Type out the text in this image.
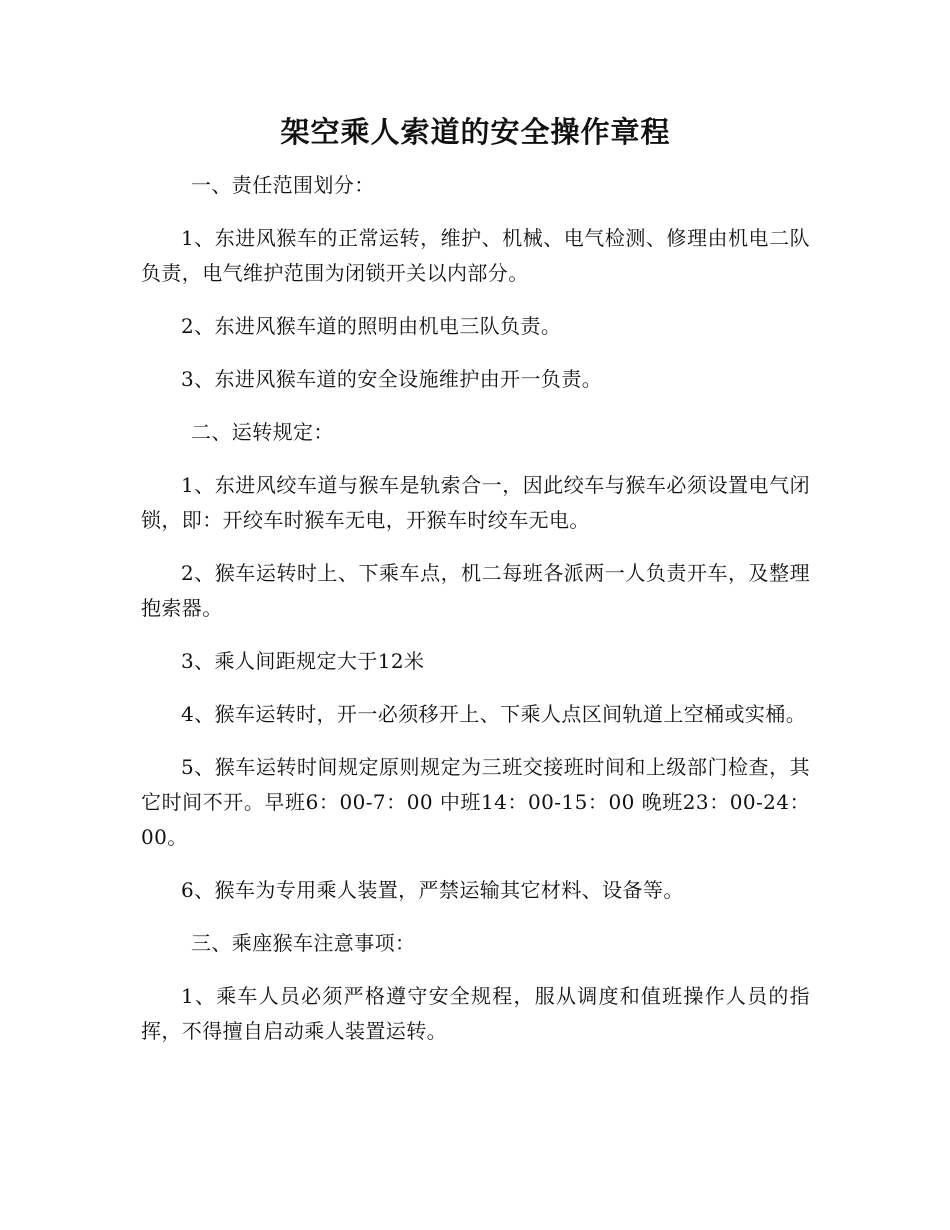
架空乘人索道的安全操作章程

一、责任范围划分：

1、东进风猴车的正常运转，维护、机械、电气检测、修理由机电二队负责，电气维护范围为闭锁开关以内部分。

2、东进风猴车道的照明由机电三队负责。

3、东进风猴车道的安全设施维护由开一负责。

二、运转规定：

1、东进风绞车道与猴车是轨索合一，因此绞车与猴车必须设置电气闭锁，即：开绞车时猴车无电，开猴车时绞车无电。

2、猴车运转时上、下乘车点，机二每班各派两一人负责开车，及整理抱索器。

3、乘人间距规定大于12米

4、猴车运转时，开一必须移开上、下乘人点区间轨道上空桶或实桶。

5、猴车运转时间规定原则规定为三班交接班时间和上级部门检查，其它时间不开。早班6：00-7：00 中班14：00-15：00 晚班23：00-24：00。

6、猴车为专用乘人装置，严禁运输其它材料、设备等。

三、乘座猴车注意事项：

1、乘车人员必须严格遵守安全规程，服从调度和值班操作人员的指挥，不得擅自启动乘人装置运转。
